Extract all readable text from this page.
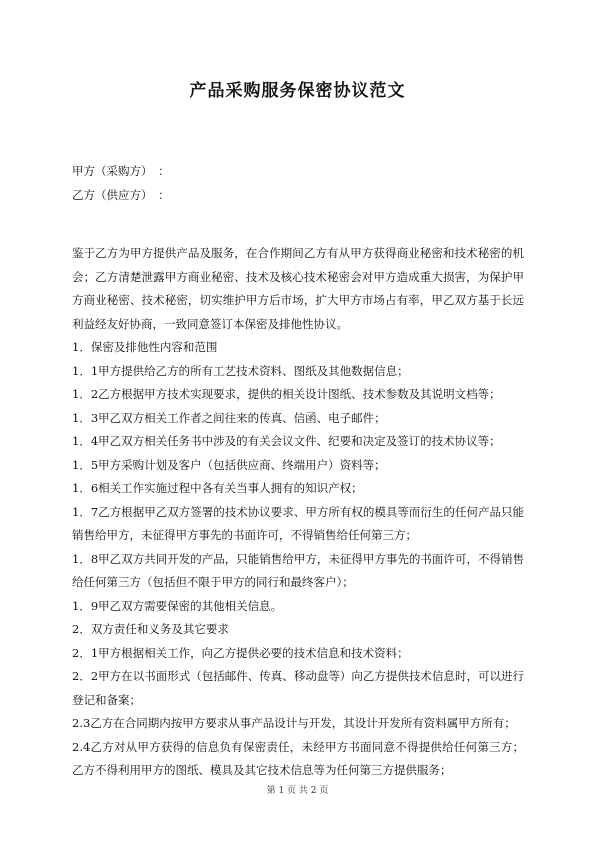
产品采购服务保密协议范文
甲方（采购方）　：
乙方（供应方）　：
鉴于乙方为甲方提供产品及服务，在合作期间乙方有从甲方获得商业秘密和技术秘密的机会；乙方清楚泄露甲方商业秘密、技术及核心技术秘密会对甲方造成重大损害，为保护甲方商业秘密、技术秘密，切实维护甲方后市场，扩大甲方市场占有率，甲乙双方基于长远利益经友好协商，一致同意签订本保密及排他性协议。
1．保密及排他性内容和范围
1．1甲方提供给乙方的所有工艺技术资料、图纸及其他数据信息；
1．2乙方根据甲方技术实现要求，提供的相关设计图纸、技术参数及其说明文档等；
1．3甲乙双方相关工作者之间往来的传真、信函、电子邮件；
1．4甲乙双方相关任务书中涉及的有关会议文件、纪要和决定及签订的技术协议等；
1．5甲方采购计划及客户（包括供应商、终端用户）资料等；
1．6相关工作实施过程中各有关当事人拥有的知识产权；
1．7乙方根据甲乙双方签署的技术协议要求、甲方所有权的模具等而衍生的任何产品只能销售给甲方，未征得甲方事先的书面许可，不得销售给任何第三方；
1．8甲乙双方共同开发的产品，只能销售给甲方，未征得甲方事先的书面许可，不得销售给任何第三方（包括但不限于甲方的同行和最终客户）；
1．9甲乙双方需要保密的其他相关信息。
2．双方责任和义务及其它要求
2．1甲方根据相关工作，向乙方提供必要的技术信息和技术资料；
2．2甲方在以书面形式（包括邮件、传真、移动盘等）向乙方提供技术信息时，可以进行登记和备案；
2.3乙方在合同期内按甲方要求从事产品设计与开发，其设计开发所有资料属甲方所有；
2.4乙方对从甲方获得的信息负有保密责任，未经甲方书面同意不得提供给任何第三方；乙方不得利用甲方的图纸、模具及其它技术信息等为任何第三方提供服务；
第 1 页 共 2 页
